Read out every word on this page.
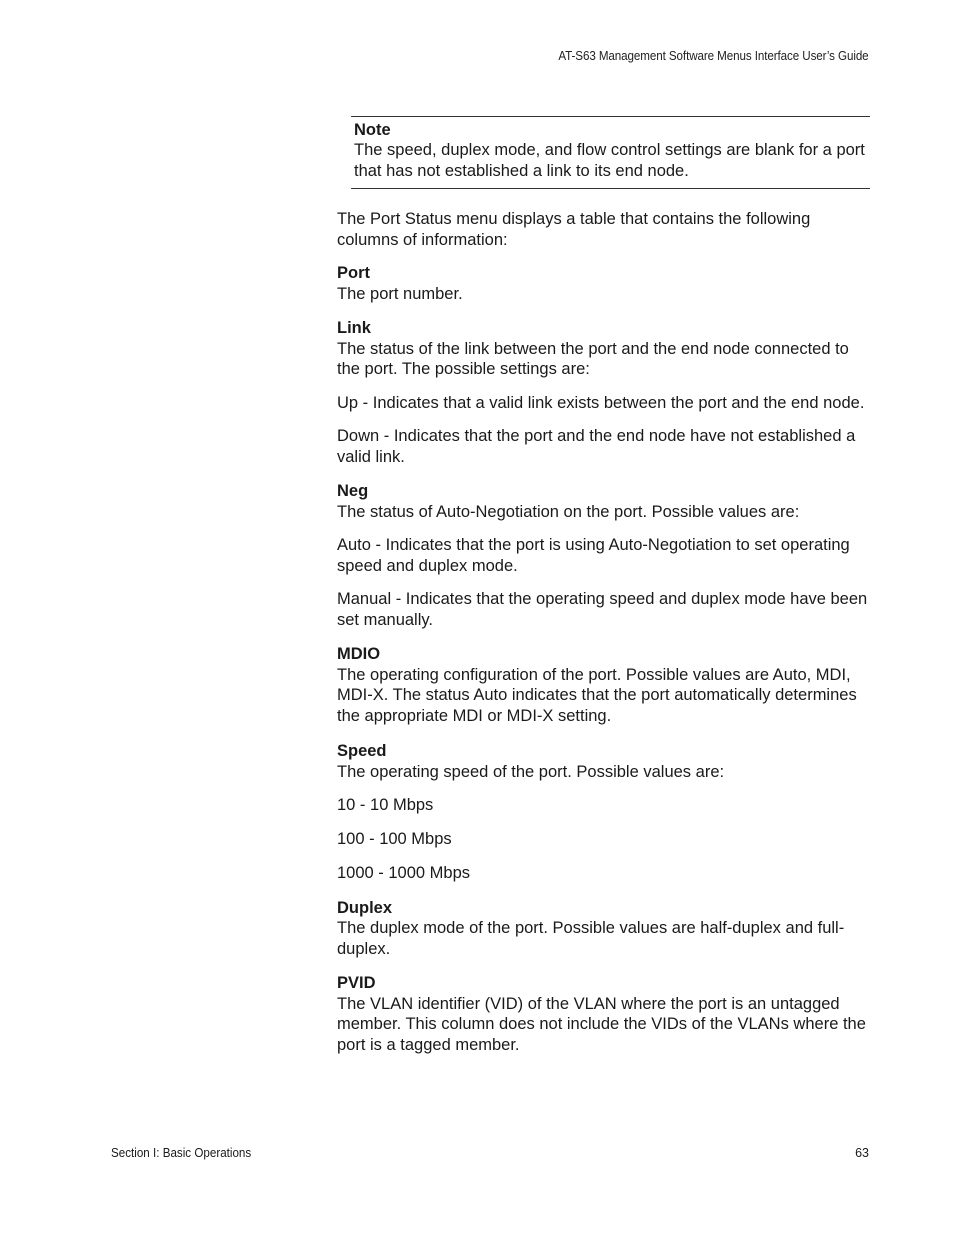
AT-S63 Management Software Menus Interface User’s Guide

Note

The speed, duplex mode, and flow control settings are blank for a port that has not established a link to its end node.

The Port Status menu displays a table that contains the following columns of information:

Port
The port number.
Link
The status of the link between the port and the end node connected to the port. The possible settings are:

Up - Indicates that a valid link exists between the port and the end node.

Down - Indicates that the port and the end node have not established a valid link.

Neg
The status of Auto-Negotiation on the port. Possible values are:

Auto - Indicates that the port is using Auto-Negotiation to set operating speed and duplex mode.

Manual - Indicates that the operating speed and duplex mode have been set manually.

MDIO
The operating configuration of the port. Possible values are Auto, MDI, MDI-X. The status Auto indicates that the port automatically determines the appropriate MDI or MDI-X setting.
Speed
The operating speed of the port. Possible values are:

10 - 10 Mbps

100 - 100 Mbps

1000 - 1000 Mbps

Duplex
The duplex mode of the port. Possible values are half-duplex and full-duplex.
PVID
The VLAN identifier (VID) of the VLAN where the port is an untagged member. This column does not include the VIDs of the VLANs where the port is a tagged member.
Section I: Basic Operations	63
